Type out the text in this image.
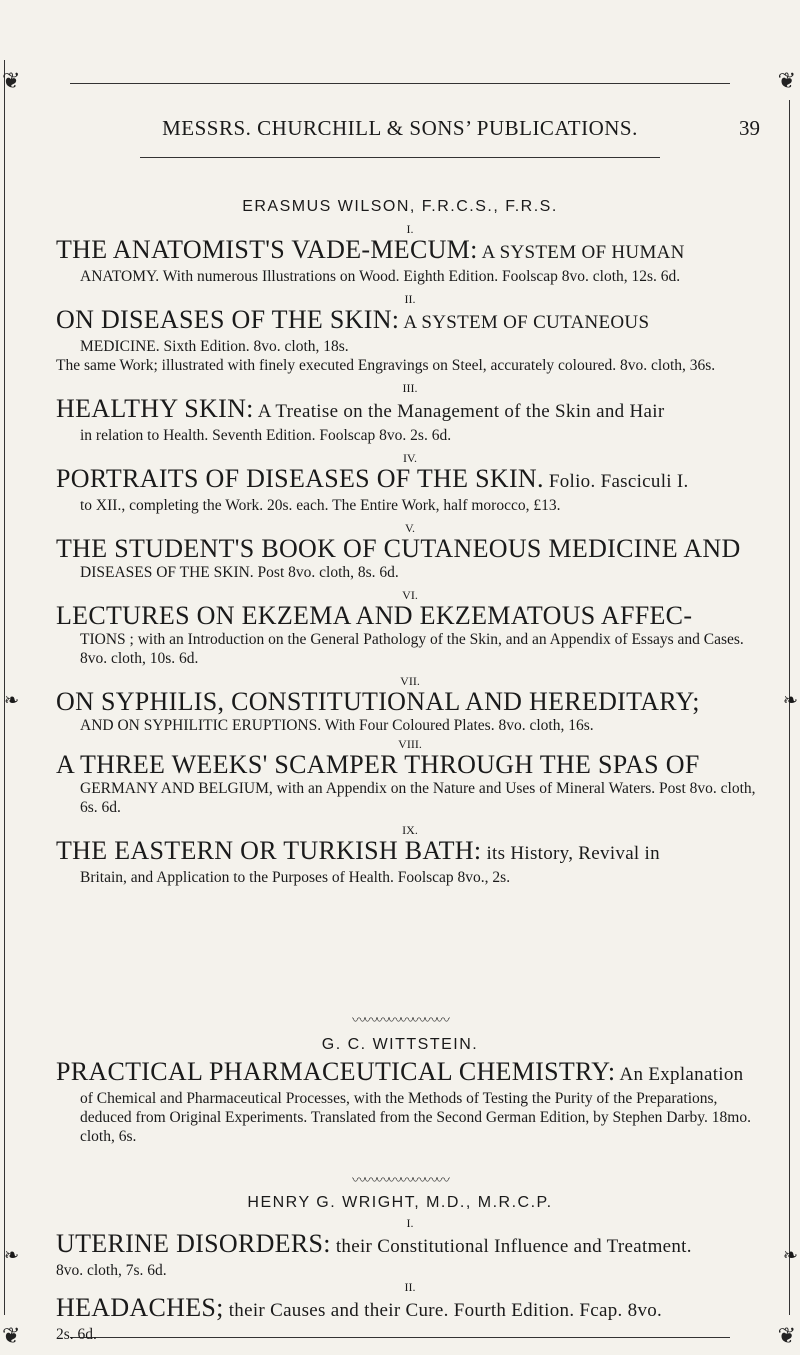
❦	❦
❦	❦
❧	❧
❧	❧
MESSRS. CHURCHILL & SONS’ PUBLICATIONS.	39
ERASMUS WILSON, F.R.C.S., F.R.S.
I.
THE ANATOMIST'S VADE-MECUM: A SYSTEM OF HUMAN
ANATOMY. With numerous Illustrations on Wood. Eighth Edition. Foolscap 8vo. cloth, 12s. 6d.
II.
ON DISEASES OF THE SKIN: A SYSTEM OF CUTANEOUS
MEDICINE. Sixth Edition. 8vo. cloth, 18s.
The same Work; illustrated with finely executed Engravings on Steel, accurately coloured. 8vo. cloth, 36s.
III.
HEALTHY SKIN: A Treatise on the Management of the Skin and Hair
in relation to Health. Seventh Edition. Foolscap 8vo. 2s. 6d.
IV.
PORTRAITS OF DISEASES OF THE SKIN. Folio. Fasciculi I.
to XII., completing the Work. 20s. each. The Entire Work, half morocco, £13.
V.
THE STUDENT'S BOOK OF CUTANEOUS MEDICINE AND
DISEASES OF THE SKIN. Post 8vo. cloth, 8s. 6d.
VI.
LECTURES ON EKZEMA AND EKZEMATOUS AFFEC-
TIONS ; with an Introduction on the General Pathology of the Skin, and an Appendix of Essays and Cases. 8vo. cloth, 10s. 6d.
VII.
ON SYPHILIS, CONSTITUTIONAL AND HEREDITARY;
AND ON SYPHILITIC ERUPTIONS. With Four Coloured Plates. 8vo. cloth, 16s.
VIII.
A THREE WEEKS' SCAMPER THROUGH THE SPAS OF
GERMANY AND BELGIUM, with an Appendix on the Nature and Uses of Mineral Waters. Post 8vo. cloth, 6s. 6d.
IX.
THE EASTERN OR TURKISH BATH: its History, Revival in
Britain, and Application to the Purposes of Health. Foolscap 8vo., 2s.
〰〰〰〰〰〰〰〰
G. C. WITTSTEIN.
PRACTICAL PHARMACEUTICAL CHEMISTRY: An Explanation
of Chemical and Pharmaceutical Processes, with the Methods of Testing the Purity of the Preparations, deduced from Original Experiments. Translated from the Second German Edition, by Stephen Darby. 18mo. cloth, 6s.
〰〰〰〰〰〰〰〰
HENRY G. WRIGHT, M.D., M.R.C.P.
I.
UTERINE DISORDERS: their Constitutional Influence and Treatment.
8vo. cloth, 7s. 6d.
II.
HEADACHES; their Causes and their Cure. Fourth Edition. Fcap. 8vo.
2s. 6d.
